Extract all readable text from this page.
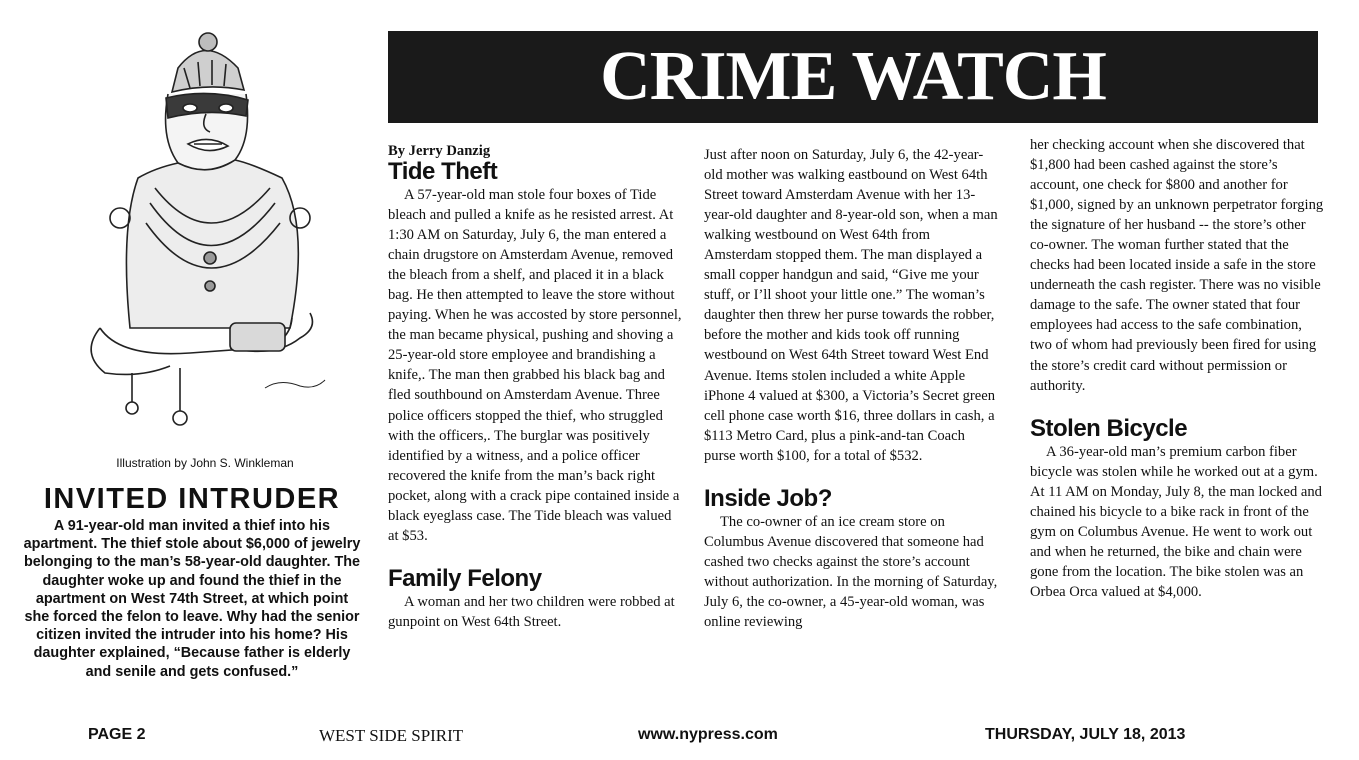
Illustration by John S. Winkleman
INVITED INTRUDER
A 91-year-old man invited a thief into his apartment. The thief stole about $6,000 of jewelry belonging to the man’s 58-year-old daughter. The daughter woke up and found the thief in the apartment on West 74th Street, at which point she forced the felon to leave. Why had the senior citizen invited the intruder into his home? His daughter explained, “Because father is elderly and senile and gets confused.”
CRIME WATCH

By Jerry Danzig

Tide Theft

A 57-year-old man stole four boxes of Tide bleach and pulled a knife as he resisted arrest. At 1:30 AM on Saturday, July 6, the man entered a chain drugstore on Amsterdam Avenue, removed the bleach from a shelf, and placed it in a black bag. He then attempted to leave the store without paying. When he was accosted by store personnel, the man became physical, pushing and shoving a 25-year-old store employee and brandishing a knife,. The man then grabbed his black bag and fled southbound on Amsterdam Avenue. Three police officers stopped the thief, who struggled with the officers,. The burglar was positively identified by a witness, and a police officer recovered the knife from the man’s back right pocket, along with a crack pipe contained inside a black eyeglass case. The Tide bleach was valued at $53.

Family Felony

A woman and her two children were robbed at gunpoint on West 64th Street.

Just after noon on Saturday, July 6, the 42-year-old mother was walking eastbound on West 64th Street toward Amsterdam Avenue with her 13-year-old daughter and 8-year-old son, when a man walking westbound on West 64th from Amsterdam stopped them. The man displayed a small copper handgun and said, “Give me your stuff, or I’ll shoot your little one.” The woman’s daughter then threw her purse towards the robber, before the mother and kids took off running westbound on West 64th Street toward West End Avenue. Items stolen included a white Apple iPhone 4 valued at $300, a Victoria’s Secret green cell phone case worth $16, three dollars in cash, a $113 Metro Card, plus a pink-and-tan Coach purse worth $100, for a total of $532.

Inside Job?

The co-owner of an ice cream store on Columbus Avenue discovered that someone had cashed two checks against the store’s account without authorization. In the morning of Saturday, July 6, the co-owner, a 45-year-old woman, was online reviewing

her checking account when she discovered that $1,800 had been cashed against the store’s account, one check for $800 and another for $1,000, signed by an unknown perpetrator forging the signature of her husband -- the store’s other co-owner. The woman further stated that the checks had been located inside a safe in the store underneath the cash register. There was no visible damage to the safe. The owner stated that four employees had access to the safe combination, two of whom had previously been fired for using the store’s credit card without permission or authority.

Stolen Bicycle

A 36-year-old man’s premium carbon fiber bicycle was stolen while he worked out at a gym. At 11 AM on Monday, July 8, the man locked and chained his bicycle to a bike rack in front of the gym on Columbus Avenue. He went to work out and when he returned, the bike and chain were gone from the location. The bike stolen was an Orbea Orca valued at $4,000.

PAGE 2	WEST SIDE SPIRIT	www.nypress.com	THURSDAY, JULY 18, 2013
